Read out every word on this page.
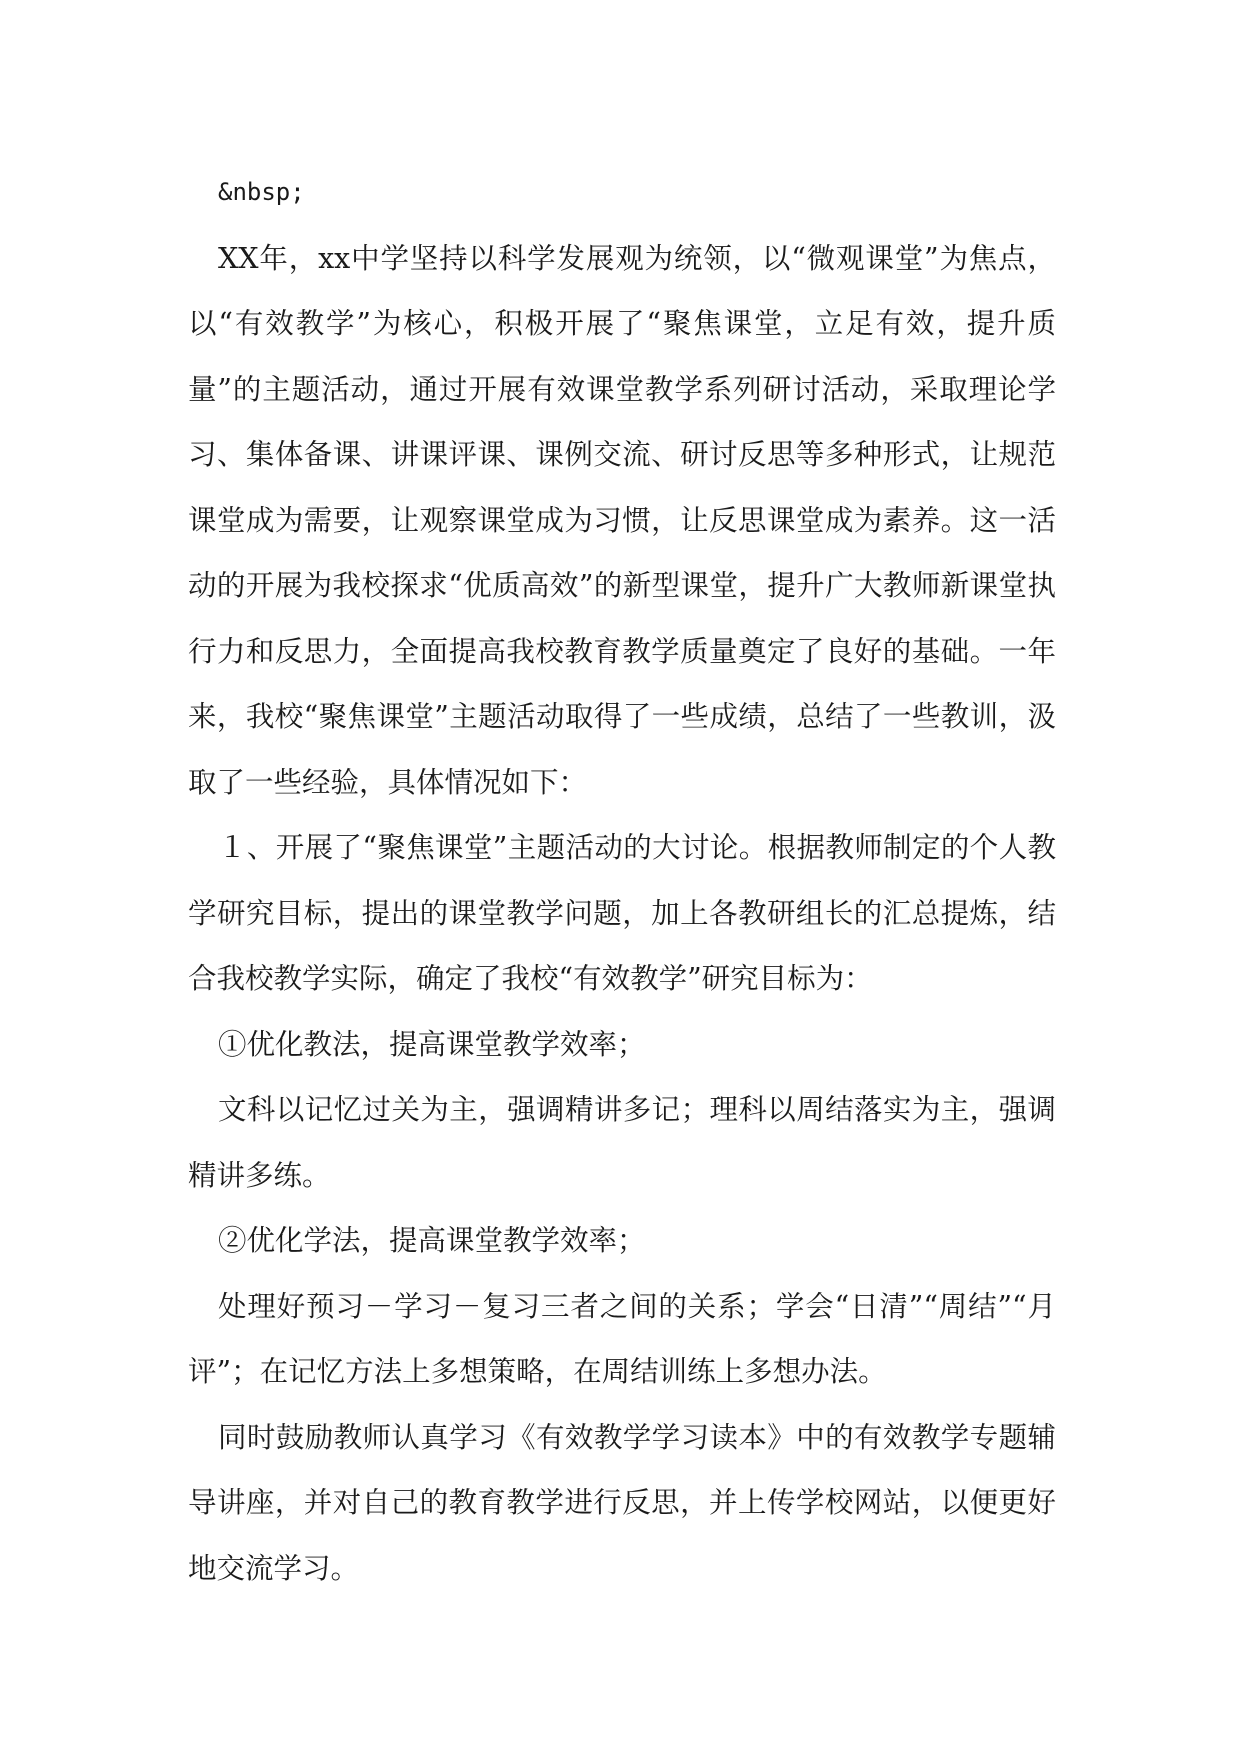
&nbsp;

XX年，xx中学坚持以科学发展观为统领，以“微观课堂”为焦点，以“有效教学”为核心，积极开展了“聚焦课堂，立足有效，提升质量”的主题活动，通过开展有效课堂教学系列研讨活动，采取理论学习、集体备课、讲课评课、课例交流、研讨反思等多种形式，让规范课堂成为需要，让观察课堂成为习惯，让反思课堂成为素养。这一活动的开展为我校探求“优质高效”的新型课堂，提升广大教师新课堂执行力和反思力，全面提高我校教育教学质量奠定了良好的基础。一年来，我校“聚焦课堂”主题活动取得了一些成绩，总结了一些教训，汲取了一些经验，具体情况如下：

１、开展了“聚焦课堂”主题活动的大讨论。根据教师制定的个人教学研究目标，提出的课堂教学问题，加上各教研组长的汇总提炼，结合我校教学实际，确定了我校“有效教学”研究目标为：

①优化教法，提高课堂教学效率；

文科以记忆过关为主，强调精讲多记；理科以周结落实为主，强调精讲多练。

②优化学法，提高课堂教学效率；

处理好预习－学习－复习三者之间的关系；学会“日清”“周结”“月评”；在记忆方法上多想策略，在周结训练上多想办法。

同时鼓励教师认真学习《有效教学学习读本》中的有效教学专题辅导讲座，并对自己的教育教学进行反思，并上传学校网站，以便更好地交流学习。
